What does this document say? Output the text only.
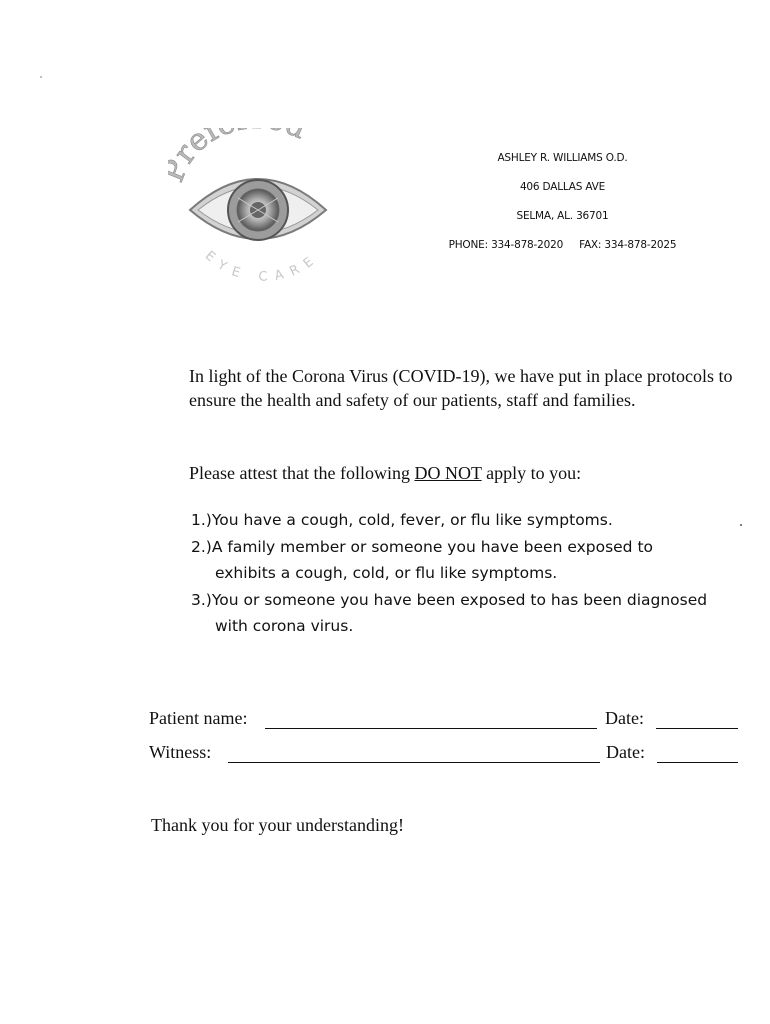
ref
EYE CARE
ASHLEY R. WILLIAMS O.D.
406 DALLAS AVE
SELMA, AL. 36701
PHONE: 334-878-2020 FAX: 334-878-2025
In light of the Corona Virus (COVID-19), we have put in place protocols to ensure the health and safety of our patients, staff and families.
Please attest that the following DO NOT apply to you:
1.)You have a cough, cold, fever, or flu like symptoms.
2.)A family member or someone you have been exposed to
exhibits a cough, cold, or flu like symptoms.
3.)You or someone you have been exposed to has been diagnosed
with corona virus.
Patient name:	Date:
Witness:	Date:
Thank you for your understanding!
